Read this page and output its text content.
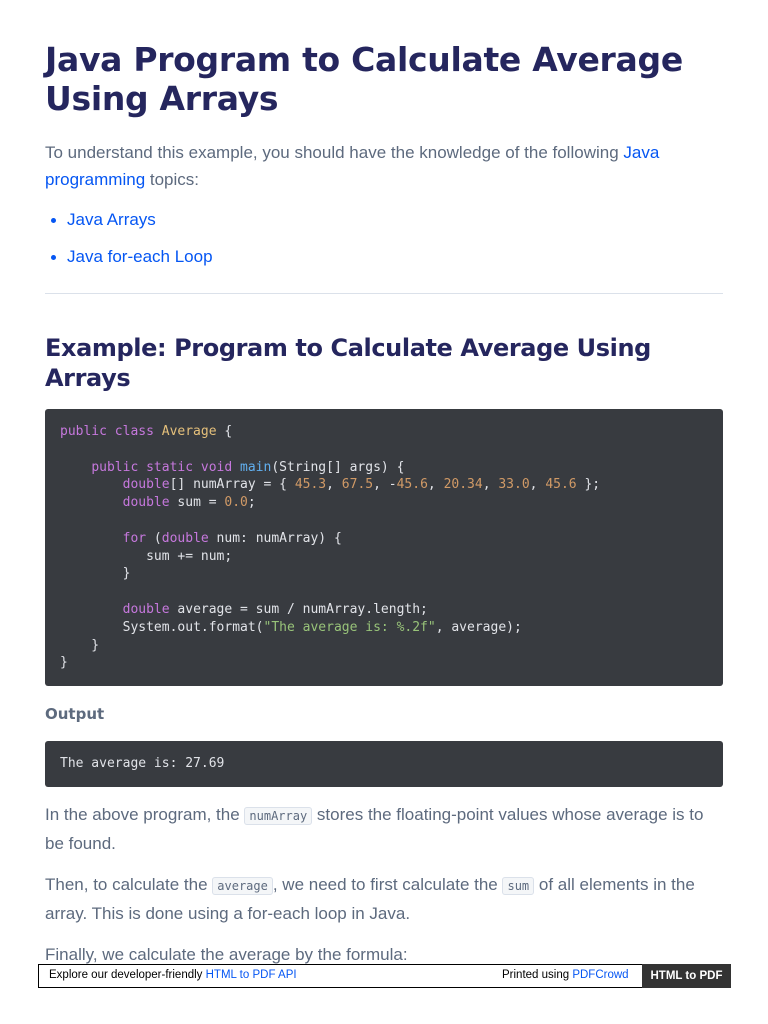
Java Program to Calculate Average Using Arrays

To understand this example, you should have the knowledge of the following Java programming topics:

Java Arrays
Java for-each Loop
Example: Program to Calculate Average Using Arrays
public class Average {

public static void main(String[] args) {
double[] numArray = { 45.3, 67.5, -45.6, 20.34, 33.0, 45.6 };
double sum = 0.0;

for (double num: numArray) {
sum += num;
}

double average = sum / numArray.length;
System.out.format("The average is: %.2f", average);
}
}
Output
The average is: 27.69

In the above program, the numArray stores the floating-point values whose average is to be found.

Then, to calculate the average , we need to first calculate the sum of all elements in the array. This is done using a for-each loop in Java.

Finally, we calculate the average by the formula:

Explore our developer-friendly HTML to PDF API	Printed using PDFCrowd	HTML to PDF
